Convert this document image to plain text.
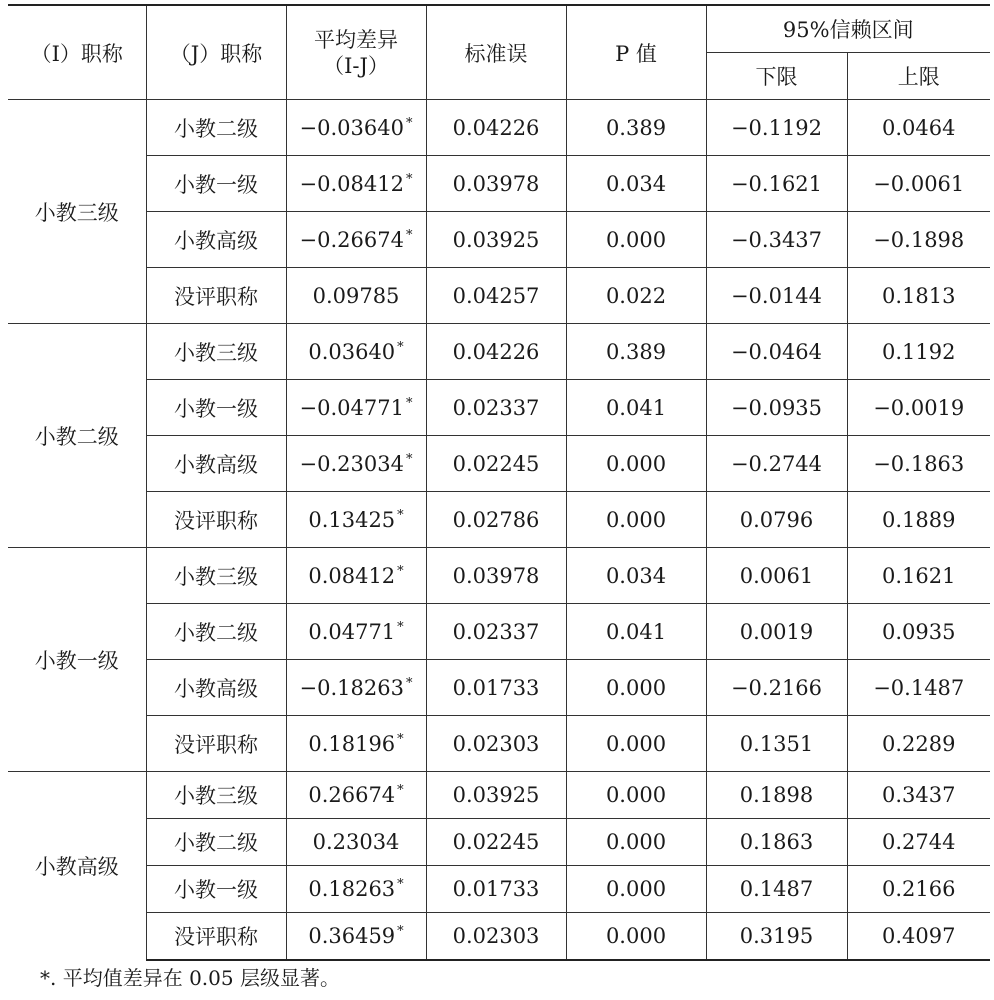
（I）职称	（J）职称	平均差异
（I-J）	标准误	P 值	95%信赖区间	
					下限	上限
小教三级	小教二级	−0.03640 *	0.04226	0.389	−0.1192	0.0464
	小教一级	−0.08412 *	0.03978	0.034	−0.1621	−0.0061
	小教高级	−0.26674 *	0.03925	0.000	−0.3437	−0.1898
	没评职称	0.09785	0.04257	0.022	−0.0144	0.1813
小教二级	小教三级	0.03640 *	0.04226	0.389	−0.0464	0.1192
	小教一级	−0.04771 *	0.02337	0.041	−0.0935	−0.0019
	小教高级	−0.23034 *	0.02245	0.000	−0.2744	−0.1863
	没评职称	0.13425 *	0.02786	0.000	0.0796	0.1889
小教一级	小教三级	0.08412 *	0.03978	0.034	0.0061	0.1621
	小教二级	0.04771 *	0.02337	0.041	0.0019	0.0935
	小教高级	−0.18263 *	0.01733	0.000	−0.2166	−0.1487
	没评职称	0.18196 *	0.02303	0.000	0.1351	0.2289
小教高级	小教三级	0.26674 *	0.03925	0.000	0.1898	0.3437
	小教二级	0.23034	0.02245	0.000	0.1863	0.2744
	小教一级	0.18263 *	0.01733	0.000	0.1487	0.2166
	没评职称	0.36459 *	0.02303	0.000	0.3195	0.4097
*. 平均值差异在 0.05 层级显著。
